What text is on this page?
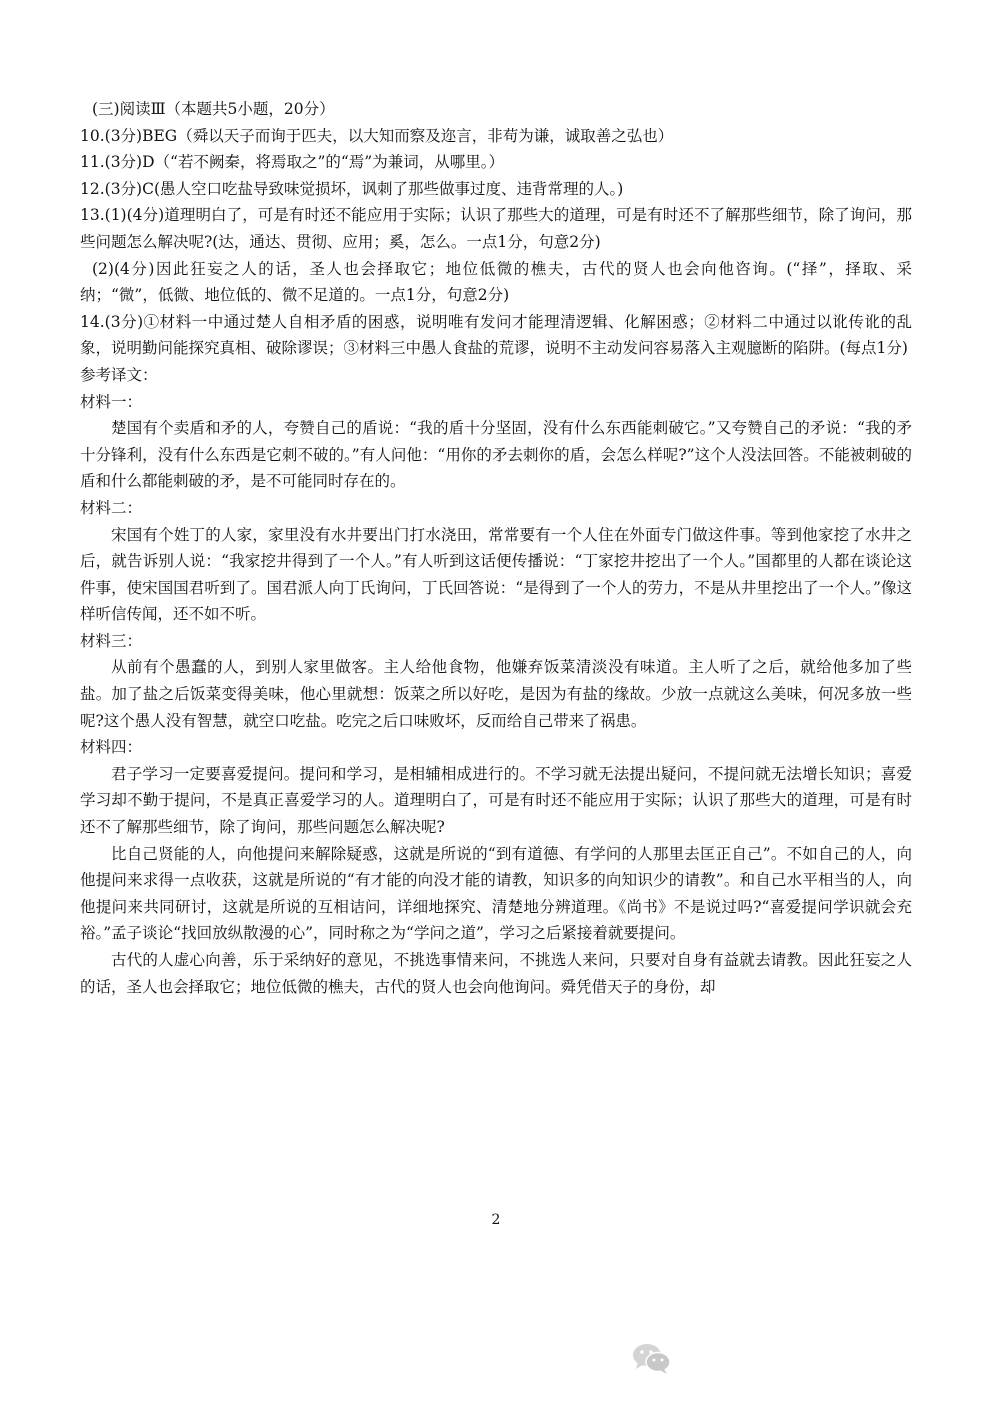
(三)阅读Ⅲ（本题共5小题，20分）
10.(3分)BEG（舜以天子而询于匹夫，以大知而察及迩言，非苟为谦，诚取善之弘也）
11.(3分)D（“若不阙秦，将焉取之”的“焉”为兼词，从哪里。）
12.(3分)C(愚人空口吃盐导致味觉损坏，讽刺了那些做事过度、违背常理的人。)
13.(1)(4分)道理明白了，可是有时还不能应用于实际；认识了那些大的道理，可是有时还不了解那些细节，除了询问，那些问题怎么解决呢?(达，通达、贯彻、应用；奚，怎么。一点1分，句意2分)
(2)(4分)因此狂妄之人的话，圣人也会择取它；地位低微的樵夫，古代的贤人也会向他咨询。(“择”，择取、采纳；“微”，低微、地位低的、微不足道的。一点1分，句意2分)
14.(3分)①材料一中通过楚人自相矛盾的困惑，说明唯有发问才能理清逻辑、化解困惑；②材料二中通过以讹传讹的乱象，说明勤问能探究真相、破除谬误；③材料三中愚人食盐的荒谬，说明不主动发问容易落入主观臆断的陷阱。(每点1分)
参考译文：
材料一：
楚国有个卖盾和矛的人，夸赞自己的盾说：“我的盾十分坚固，没有什么东西能刺破它。”又夸赞自己的矛说：“我的矛十分锋利，没有什么东西是它刺不破的。”有人问他：“用你的矛去刺你的盾，会怎么样呢?”这个人没法回答。不能被刺破的盾和什么都能刺破的矛，是不可能同时存在的。
材料二：
宋国有个姓丁的人家，家里没有水井要出门打水浇田，常常要有一个人住在外面专门做这件事。等到他家挖了水井之后，就告诉别人说：“我家挖井得到了一个人。”有人听到这话便传播说：“丁家挖井挖出了一个人。”国都里的人都在谈论这件事，使宋国国君听到了。国君派人向丁氏询问，丁氏回答说：“是得到了一个人的劳力，不是从井里挖出了一个人。”像这样听信传闻，还不如不听。
材料三：
从前有个愚蠢的人，到别人家里做客。主人给他食物，他嫌弃饭菜清淡没有味道。主人听了之后，就给他多加了些盐。加了盐之后饭菜变得美味，他心里就想：饭菜之所以好吃，是因为有盐的缘故。少放一点就这么美味，何况多放一些呢?这个愚人没有智慧，就空口吃盐。吃完之后口味败坏，反而给自己带来了祸患。
材料四：
君子学习一定要喜爱提问。提问和学习，是相辅相成进行的。不学习就无法提出疑问，不提问就无法增长知识；喜爱学习却不勤于提问，不是真正喜爱学习的人。道理明白了，可是有时还不能应用于实际；认识了那些大的道理，可是有时还不了解那些细节，除了询问，那些问题怎么解决呢?
比自己贤能的人，向他提问来解除疑惑，这就是所说的“到有道德、有学问的人那里去匡正自己”。不如自己的人，向他提问来求得一点收获，这就是所说的“有才能的向没才能的请教，知识多的向知识少的请教”。和自己水平相当的人，向他提问来共同研讨，这就是所说的互相诘问，详细地探究、清楚地分辨道理。《尚书》不是说过吗?“喜爱提问学识就会充裕。”孟子谈论“找回放纵散漫的心”，同时称之为“学问之道”，学习之后紧接着就要提问。
古代的人虚心向善，乐于采纳好的意见，不挑选事情来问，不挑选人来问，只要对自身有益就去请教。因此狂妄之人的话，圣人也会择取它；地位低微的樵夫，古代的贤人也会向他询问。舜凭借天子的身份，却
2
